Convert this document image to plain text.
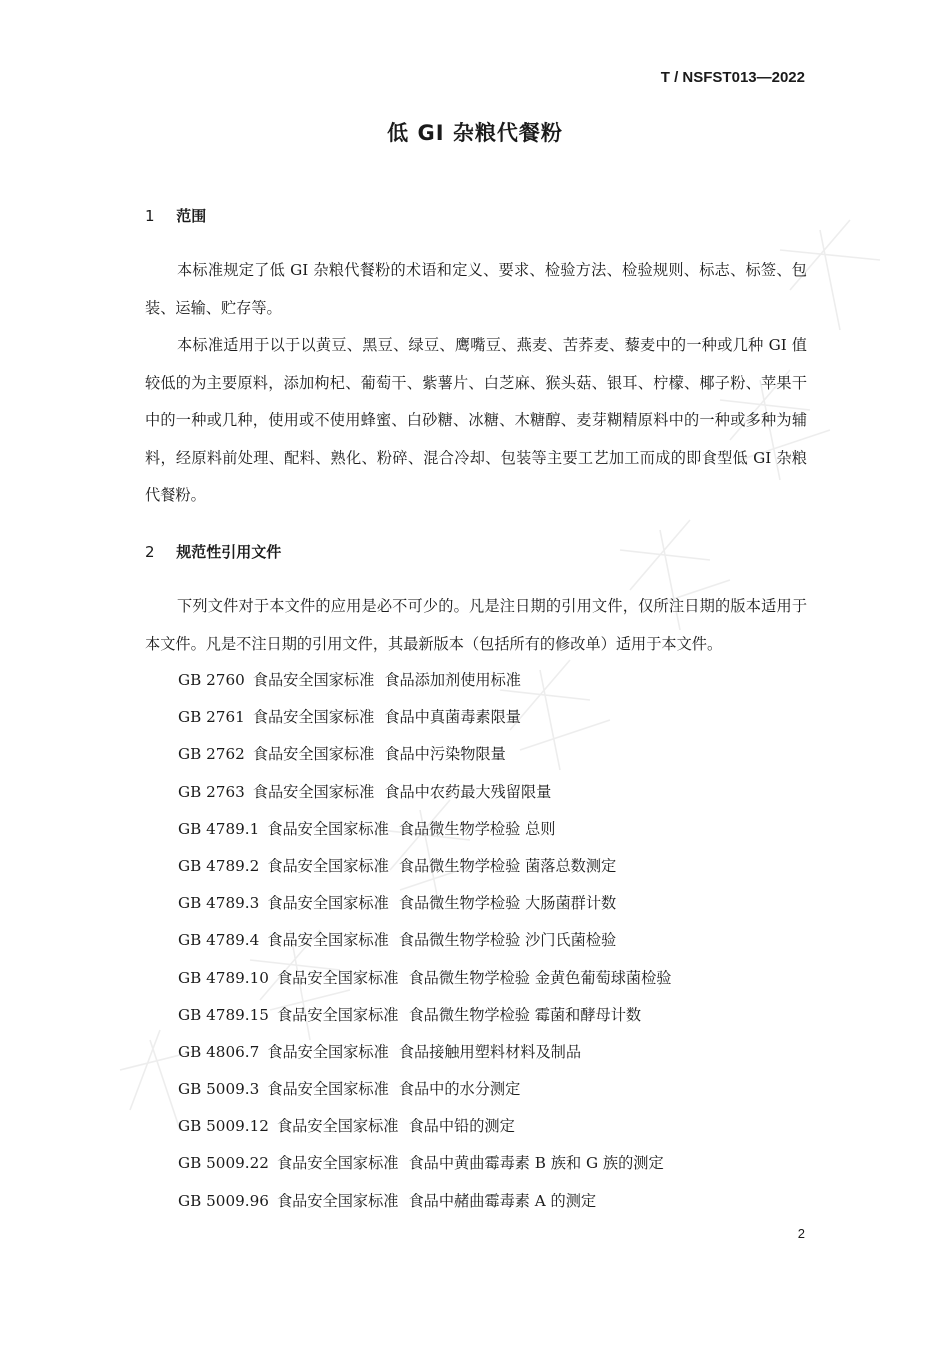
T / NSFST013—2022
低 GI 杂粮代餐粉
1 范围

本标准规定了低 GI 杂粮代餐粉的术语和定义、要求、检验方法、检验规则、标志、标签、包装、运输、贮存等。

本标准适用于以于以黄豆、黑豆、绿豆、鹰嘴豆、燕麦、苦荞麦、藜麦中的一种或几种 GI 值较低的为主要原料，添加枸杞、葡萄干、紫薯片、白芝麻、猴头菇、银耳、柠檬、椰子粉、苹果干中的一种或几种，使用或不使用蜂蜜、白砂糖、冰糖、木糖醇、麦芽糊精原料中的一种或多种为辅料，经原料前处理、配料、熟化、粉碎、混合冷却、包装等主要工艺加工而成的即食型低 GI 杂粮代餐粉。

2 规范性引用文件

下列文件对于本文件的应用是必不可少的。凡是注日期的引用文件，仅所注日期的版本适用于本文件。凡是不注日期的引用文件，其最新版本（包括所有的修改单）适用于本文件。

GB 2760 食品安全国家标准 食品添加剂使用标准
GB 2761 食品安全国家标准 食品中真菌毒素限量
GB 2762 食品安全国家标准 食品中污染物限量
GB 2763 食品安全国家标准 食品中农药最大残留限量
GB 4789.1 食品安全国家标准 食品微生物学检验 总则
GB 4789.2 食品安全国家标准 食品微生物学检验 菌落总数测定
GB 4789.3 食品安全国家标准 食品微生物学检验 大肠菌群计数
GB 4789.4 食品安全国家标准 食品微生物学检验 沙门氏菌检验
GB 4789.10 食品安全国家标准 食品微生物学检验 金黄色葡萄球菌检验
GB 4789.15 食品安全国家标准 食品微生物学检验 霉菌和酵母计数
GB 4806.7 食品安全国家标准 食品接触用塑料材料及制品
GB 5009.3 食品安全国家标准 食品中的水分测定
GB 5009.12 食品安全国家标准 食品中铅的测定
GB 5009.22 食品安全国家标准 食品中黄曲霉毒素 B 族和 G 族的测定
GB 5009.96 食品安全国家标准 食品中赭曲霉毒素 A 的测定
2
